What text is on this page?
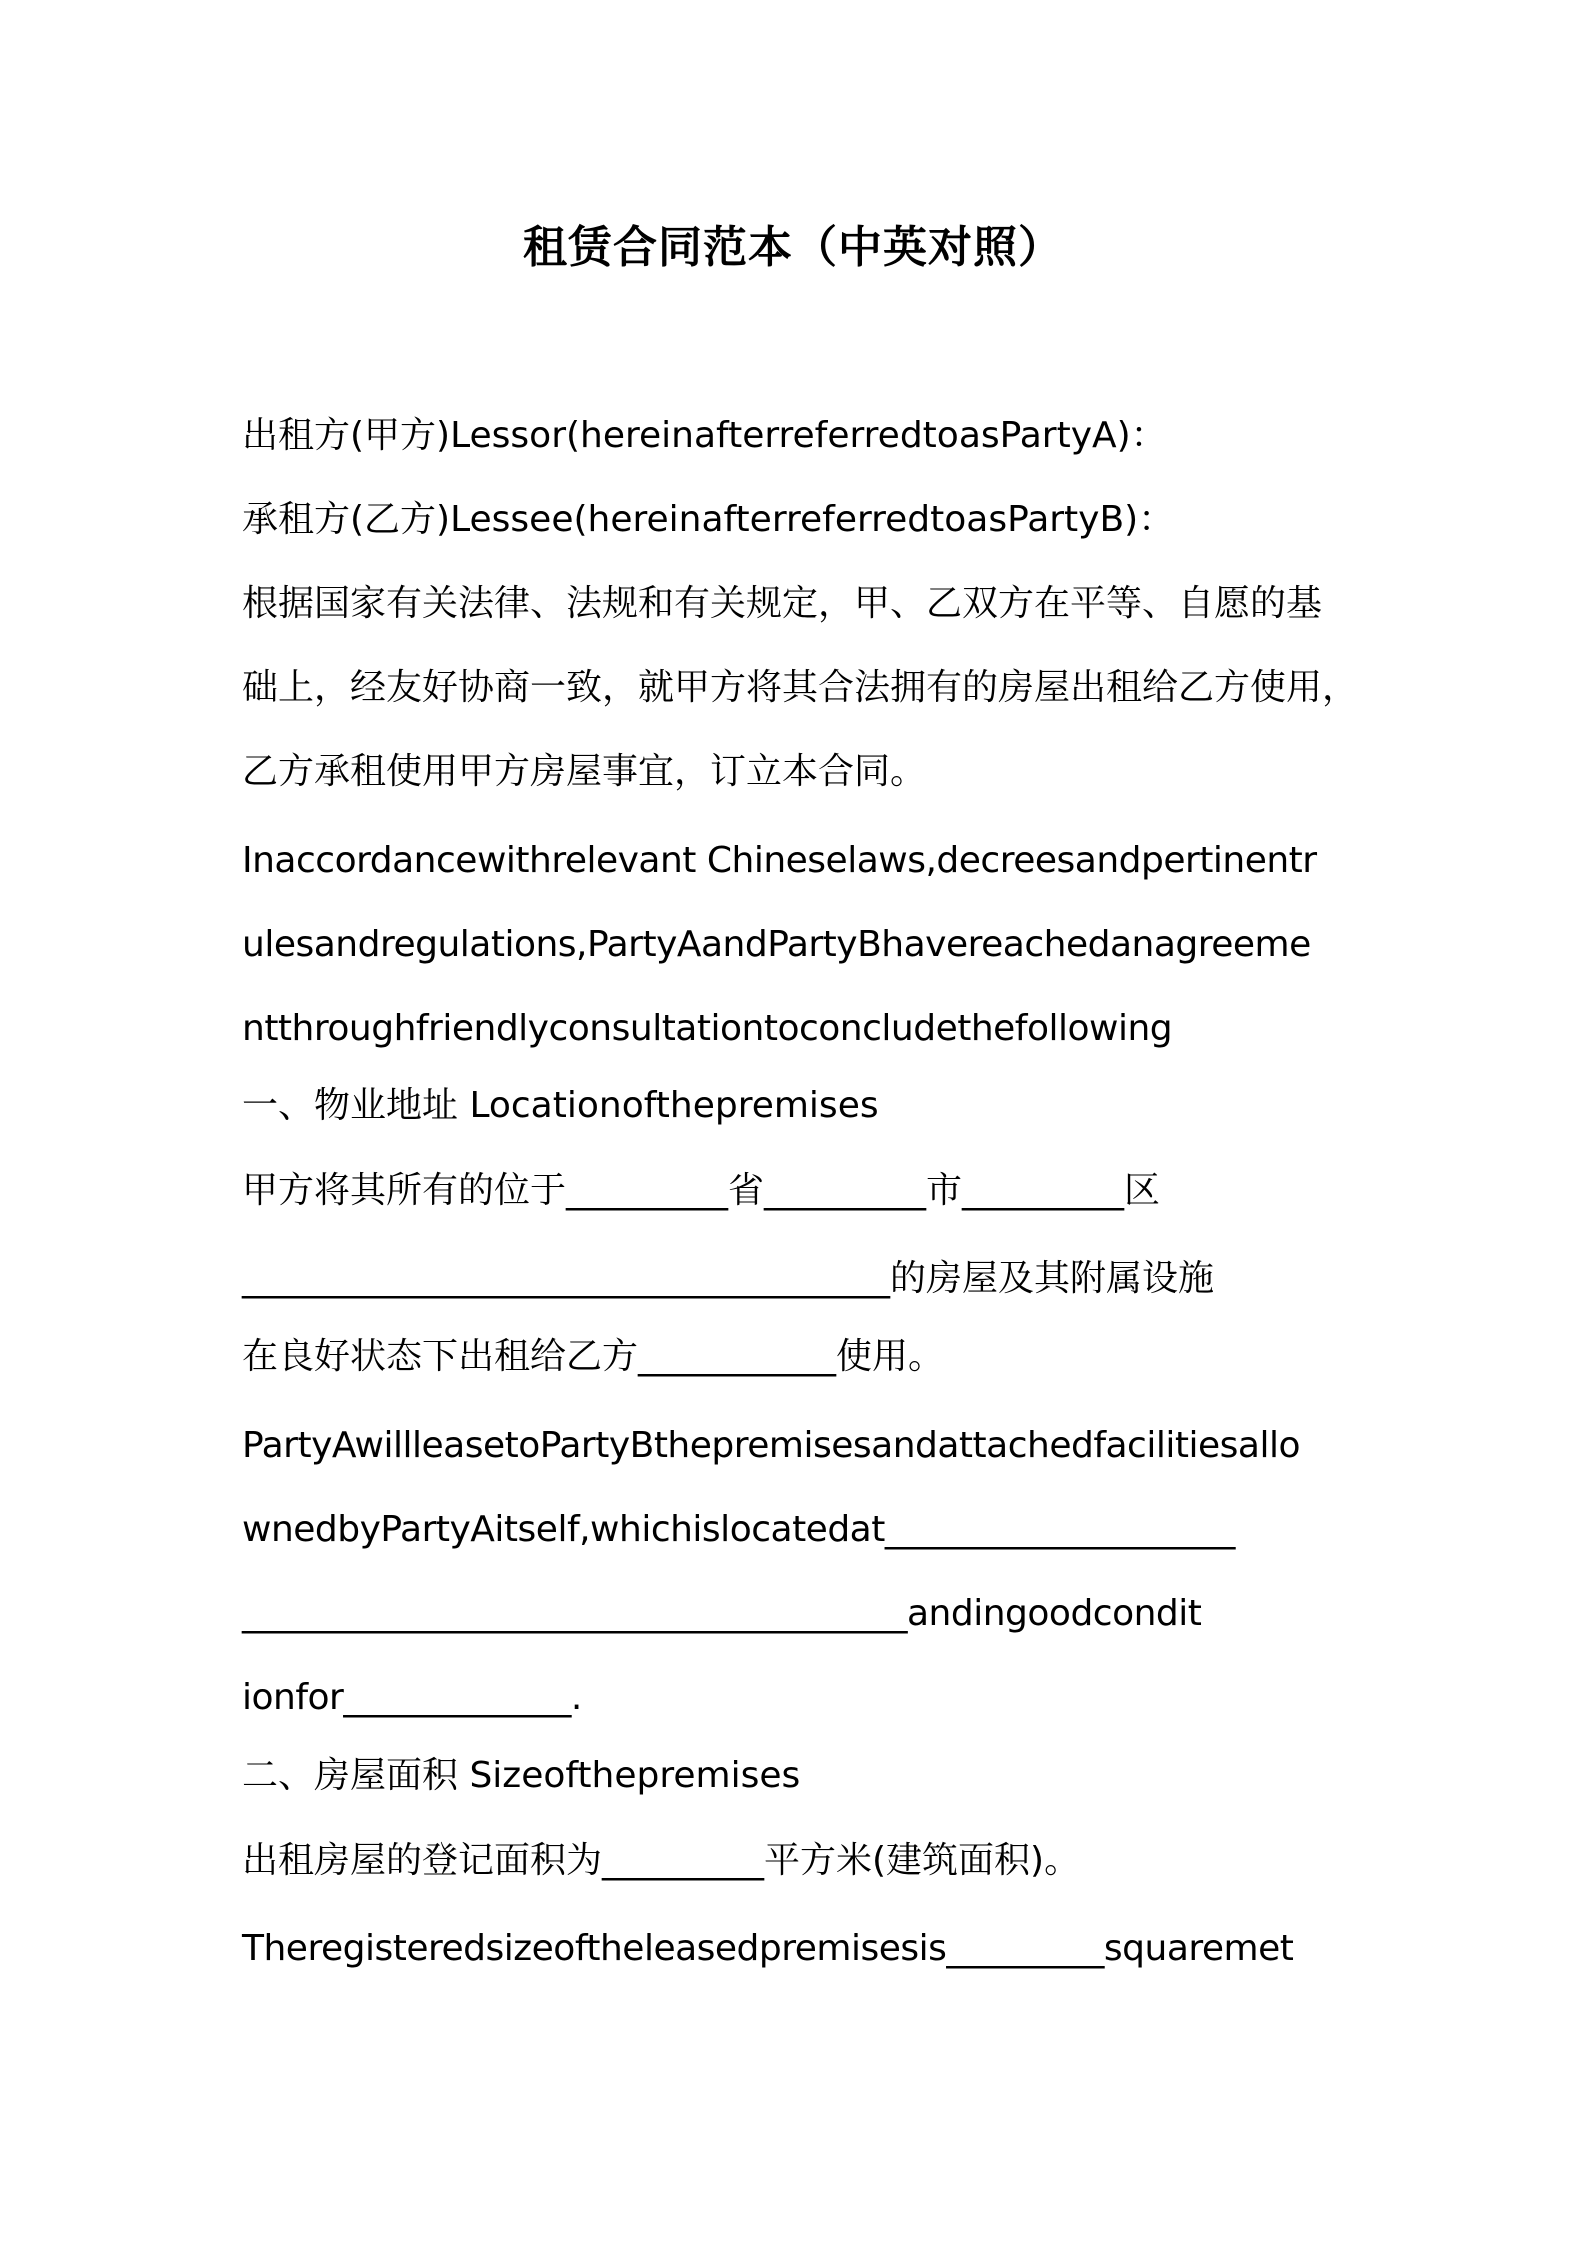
租赁合同范本（中英对照）
出租方(甲方)Lessor(hereinafterreferredtoasPartyA)：
承租方(乙方)Lessee(hereinafterreferredtoasPartyB)：
根据国家有关法律、法规和有关规定，甲、乙双方在平等、自愿的基
础上，经友好协商一致，就甲方将其合法拥有的房屋出租给乙方使用，
乙方承租使用甲方房屋事宜，订立本合同。
Inaccordancewithrelevant Chineselaws,decreesandpertinentr
ulesandregulations,PartyAandPartyBhavereachedanagreeme
ntthroughfriendlyconsultationtoconcludethefollowing
一、物业地址 Locationofthepremises
甲方将其所有的位于_________省_________市_________区
____________________________________的房屋及其附属设施
在良好状态下出租给乙方___________使用。
PartyAwillleasetoPartyBthepremisesandattachedfacilitiesallo
wnedbyPartyAitself,whichislocatedat____________________
______________________________________andingoodcondit
ionfor_____________.
二、房屋面积 Sizeofthepremises
出租房屋的登记面积为_________平方米(建筑面积)。
Theregisteredsizeoftheleasedpremisesis_________squaremet
